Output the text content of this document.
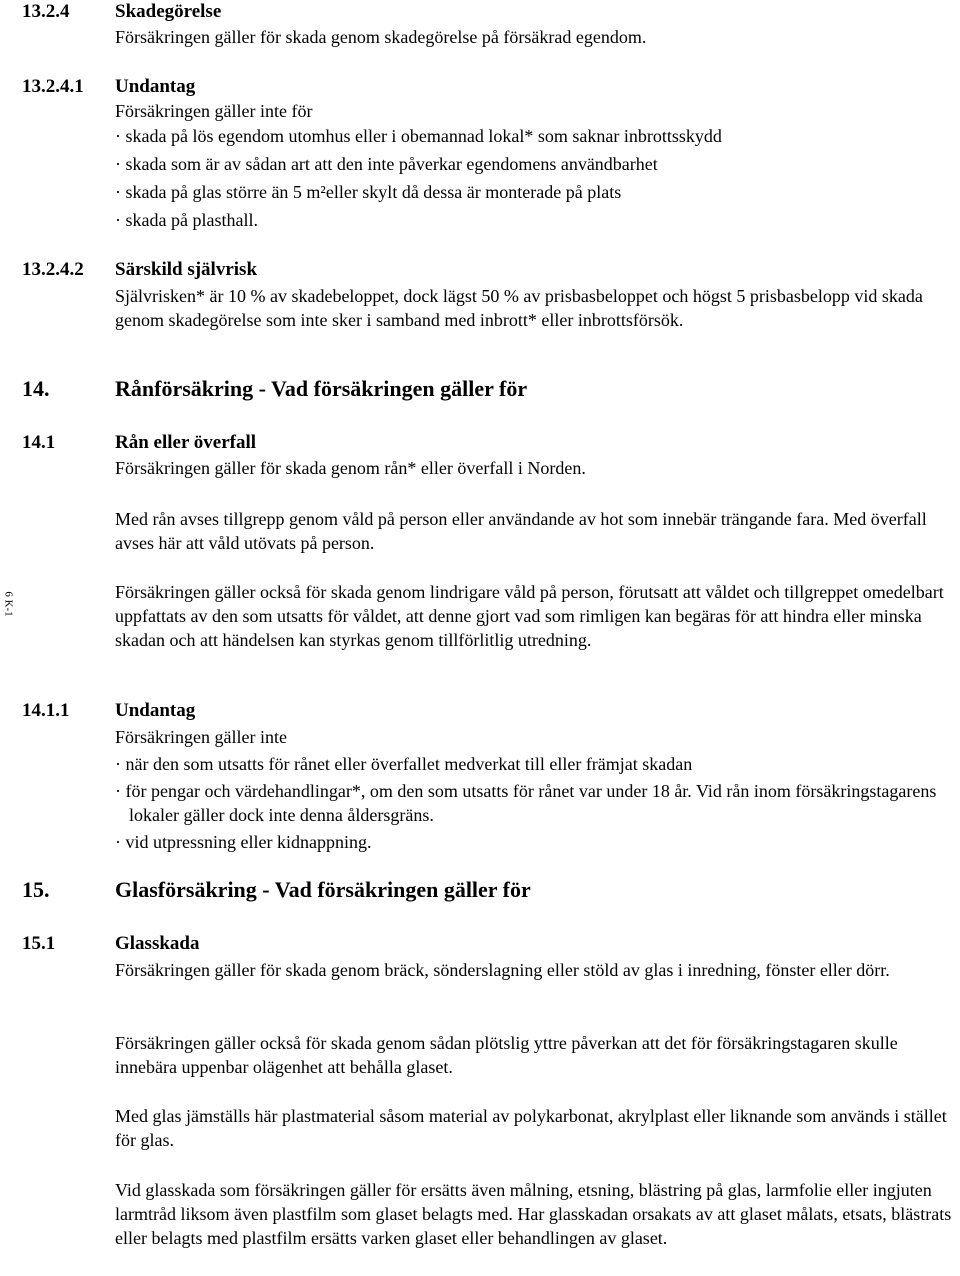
13.2.4 Skadegörelse

Försäkringen gäller för skada genom skadegörelse på försäkrad egendom.

13.2.4.1 Undantag

Försäkringen gäller inte för

· skada på lös egendom utomhus eller i obemannad lokal* som saknar inbrottsskydd

· skada som är av sådan art att den inte påverkar egendomens användbarhet

· skada på glas större än 5 m²eller skylt då dessa är monterade på plats

· skada på plasthall.

13.2.4.2 Särskild självrisk

Självrisken* är 10 % av skadebeloppet, dock lägst 50 % av prisbasbeloppet och högst 5 prisbasbelopp vid skada genom skadegörelse som inte sker i samband med inbrott* eller inbrottsförsök.

14.	Rånförsäkring - Vad försäkringen gäller för
14.1	Rån eller överfall

Försäkringen gäller för skada genom rån* eller överfall i Norden.

Med rån avses tillgrepp genom våld på person eller användande av hot som innebär trängande fara. Med överfall avses här att våld utövats på person.

Försäkringen gäller också för skada genom lindrigare våld på person, förutsatt att våldet och tillgreppet omedelbart uppfattats av den som utsatts för våldet, att denne gjort vad som rimligen kan begäras för att hindra eller minska skadan och att händelsen kan styrkas genom tillförlitlig utredning.

6 K-1
14.1.1 Undantag

Försäkringen gäller inte

· när den som utsatts för rånet eller överfallet medverkat till eller främjat skadan

· för pengar och värdehandlingar*, om den som utsatts för rånet var under 18 år. Vid rån inom försäkringstagarens lokaler gäller dock inte denna åldersgräns.

· vid utpressning eller kidnappning.

15.	Glasförsäkring - Vad försäkringen gäller för
15.1	Glasskada

Försäkringen gäller för skada genom bräck, sönderslagning eller stöld av glas i inredning, fönster eller dörr.

Försäkringen gäller också för skada genom sådan plötslig yttre påverkan att det för försäkringstagaren skulle innebära uppenbar olägenhet att behålla glaset.

Med glas jämställs här plastmaterial såsom material av polykarbonat, akrylplast eller liknande som används i stället för glas.

Vid glasskada som försäkringen gäller för ersätts även målning, etsning, blästring på glas, larmfolie eller ingjuten larmtråd liksom även plastfilm som glaset belagts med. Har glasskadan orsakats av att glaset målats, etsats, blästrats eller belagts med plastfilm ersätts varken glaset eller behandlingen av glaset.
